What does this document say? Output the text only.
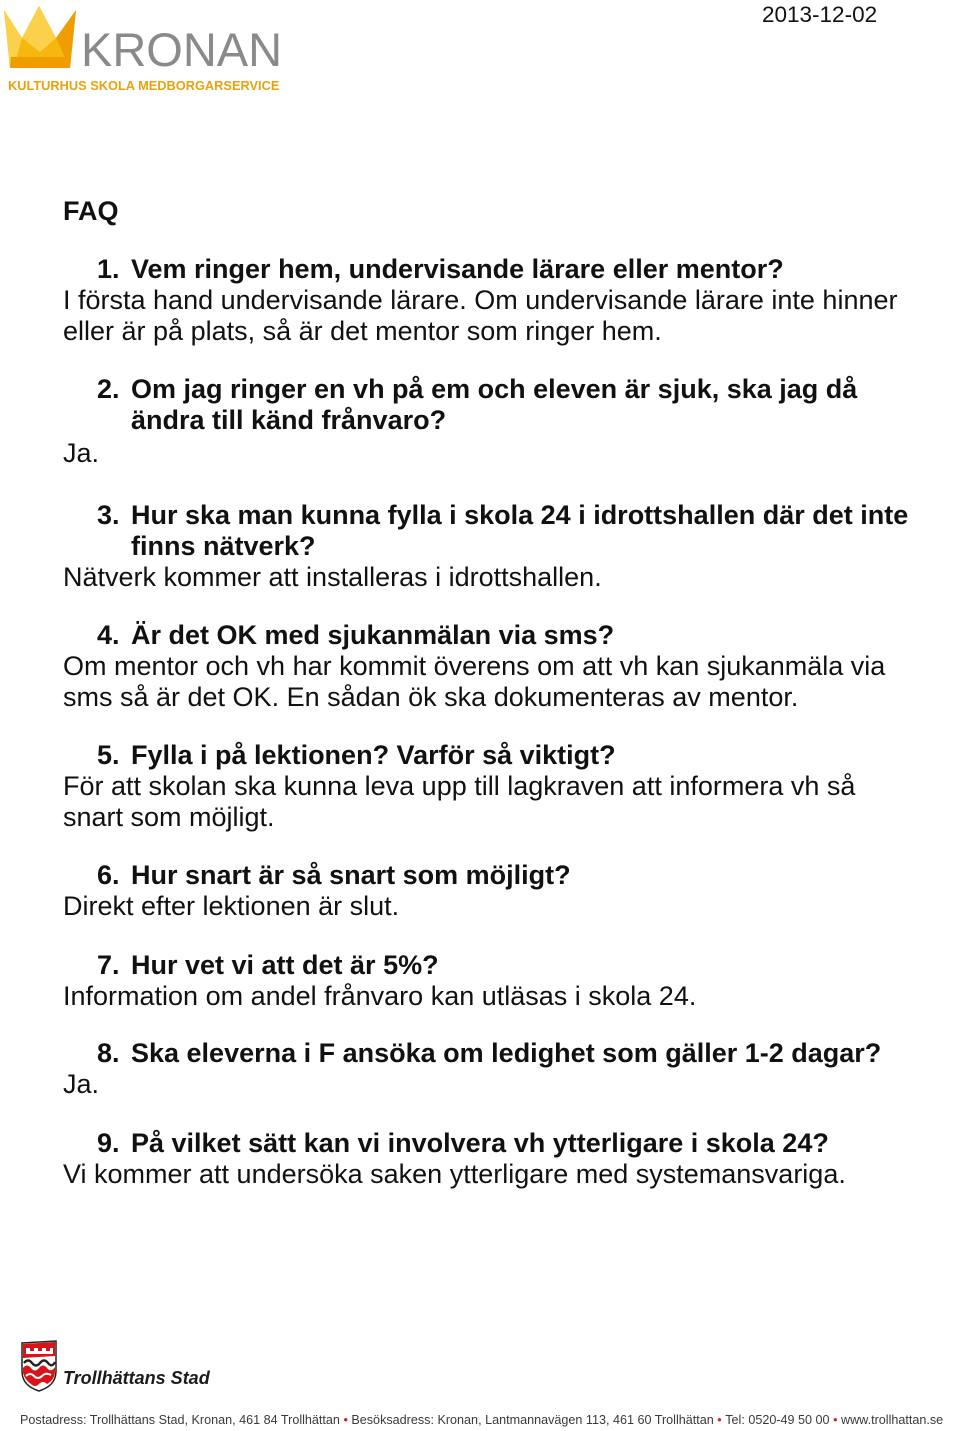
KRONAN
KULTURHUS SKOLA MEDBORGARSERVICE
2013-12-02
FAQ
1. Vem ringer hem, undervisande lärare eller mentor?
I första hand undervisande lärare. Om undervisande lärare inte hinner
eller är på plats, så är det mentor som ringer hem.
2. Om jag ringer en vh på em och eleven är sjuk, ska jag då
ändra till känd frånvaro?
Ja.
3. Hur ska man kunna fylla i skola 24 i idrottshallen där det inte
finns nätverk?
Nätverk kommer att installeras i idrottshallen.
4. Är det OK med sjukanmälan via sms?
Om mentor och vh har kommit överens om att vh kan sjukanmäla via
sms så är det OK. En sådan ök ska dokumenteras av mentor.
5. Fylla i på lektionen? Varför så viktigt?
För att skolan ska kunna leva upp till lagkraven att informera vh så
snart som möjligt.
6. Hur snart är så snart som möjligt?
Direkt efter lektionen är slut.
7. Hur vet vi att det är 5%?
Information om andel frånvaro kan utläsas i skola 24.
8. Ska eleverna i F ansöka om ledighet som gäller 1-2 dagar?
Ja.
9. På vilket sätt kan vi involvera vh ytterligare i skola 24?
Vi kommer att undersöka saken ytterligare med systemansvariga.
Trollhättans Stad
Postadress: Trollhättans Stad, Kronan, 461 84 Trollhättan • Besöksadress: Kronan, Lantmannavägen 113, 461 60 Trollhättan • Tel: 0520-49 50 00 • www.trollhattan.se
